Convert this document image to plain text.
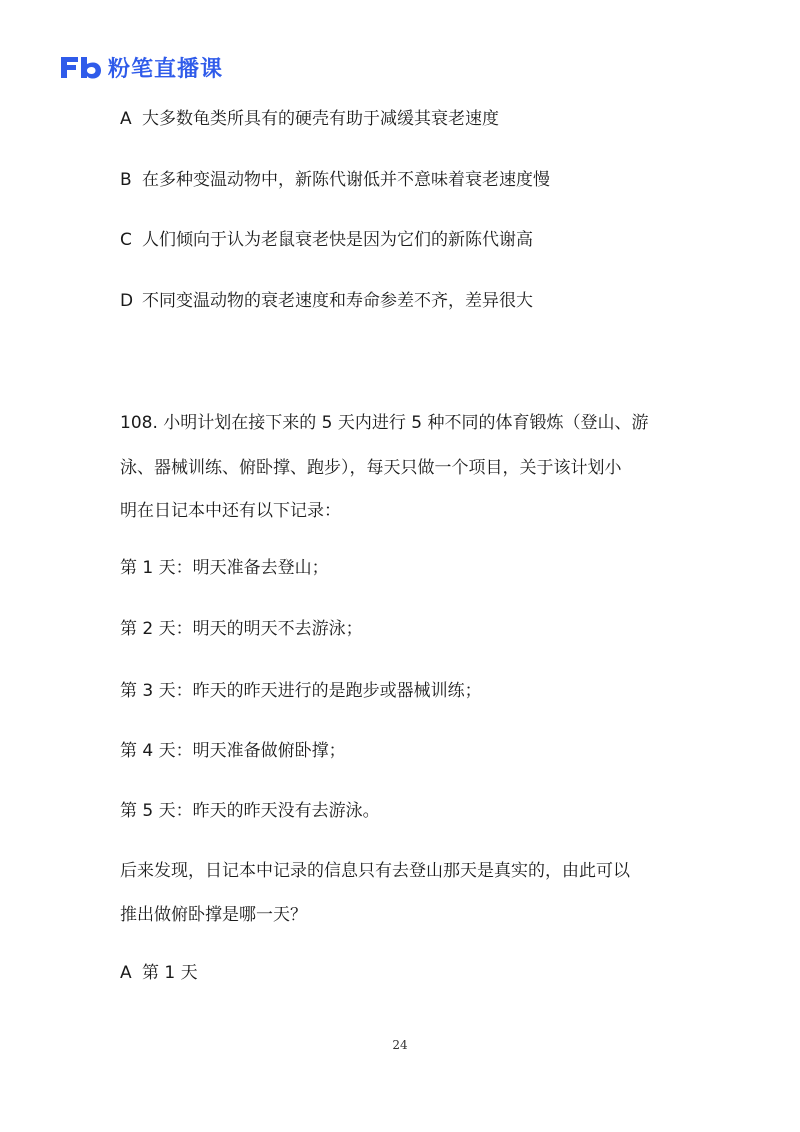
粉笔直播课
A 大多数龟类所具有的硬壳有助于减缓其衰老速度
B 在多种变温动物中，新陈代谢低并不意味着衰老速度慢
C 人们倾向于认为老鼠衰老快是因为它们的新陈代谢高
D 不同变温动物的衰老速度和寿命参差不齐，差异很大
108. 小明计划在接下来的 5 天内进行 5 种不同的体育锻炼（登山、游
泳、器械训练、俯卧撑、跑步），每天只做一个项目，关于该计划小
明在日记本中还有以下记录：
第 1 天：明天准备去登山；
第 2 天：明天的明天不去游泳；
第 3 天：昨天的昨天进行的是跑步或器械训练；
第 4 天：明天准备做俯卧撑；
第 5 天：昨天的昨天没有去游泳。
后来发现，日记本中记录的信息只有去登山那天是真实的，由此可以
推出做俯卧撑是哪一天？
A 第 1 天
24
